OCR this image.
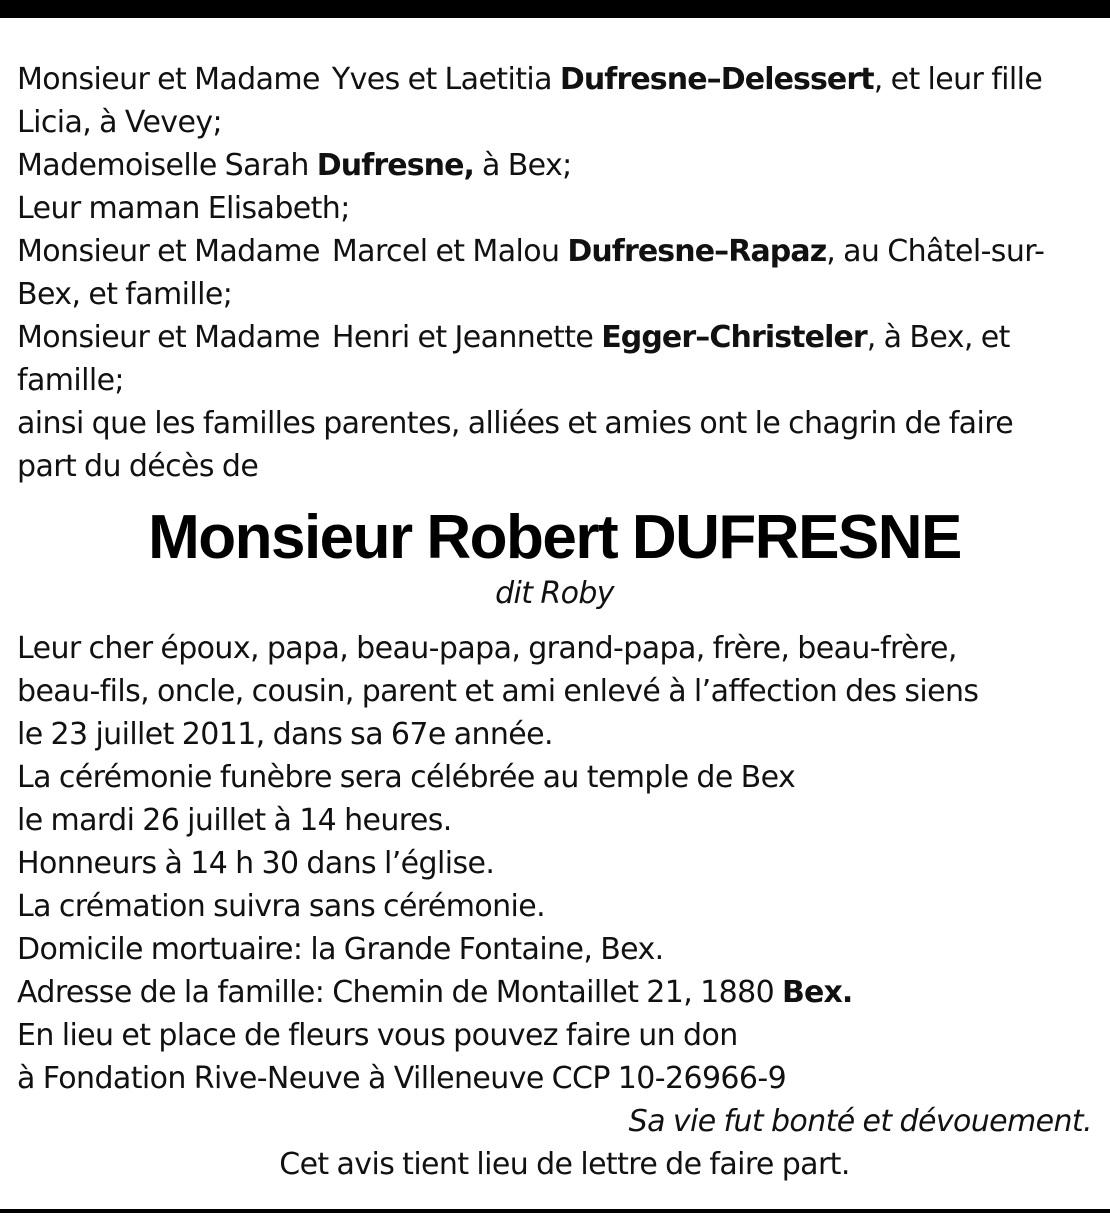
Monsieur et Madame Yves et Laetitia Dufresne–Delessert, et leur fille
Licia, à Vevey;
Mademoiselle Sarah Dufresne, à Bex;
Leur maman Elisabeth;
Monsieur et Madame Marcel et Malou Dufresne–Rapaz, au Châtel-sur-
Bex, et famille;
Monsieur et Madame Henri et Jeannette Egger–Christeler, à Bex, et
famille;
ainsi que les familles parentes, alliées et amies ont le chagrin de faire
part du décès de
Monsieur Robert DUFRESNE
dit Roby
Leur cher époux, papa, beau-papa, grand-papa, frère, beau-frère,
beau-fils, oncle, cousin, parent et ami enlevé à l’affection des siens
le 23 juillet 2011, dans sa 67e année.
La cérémonie funèbre sera célébrée au temple de Bex
le mardi 26 juillet à 14 heures.
Honneurs à 14 h 30 dans l’église.
La crémation suivra sans cérémonie.
Domicile mortuaire: la Grande Fontaine, Bex.
Adresse de la famille: Chemin de Montaillet 21, 1880 Bex.
En lieu et place de fleurs vous pouvez faire un don
à Fondation Rive-Neuve à Villeneuve CCP 10-26966-9
Sa vie fut bonté et dévouement.
Cet avis tient lieu de lettre de faire part.
